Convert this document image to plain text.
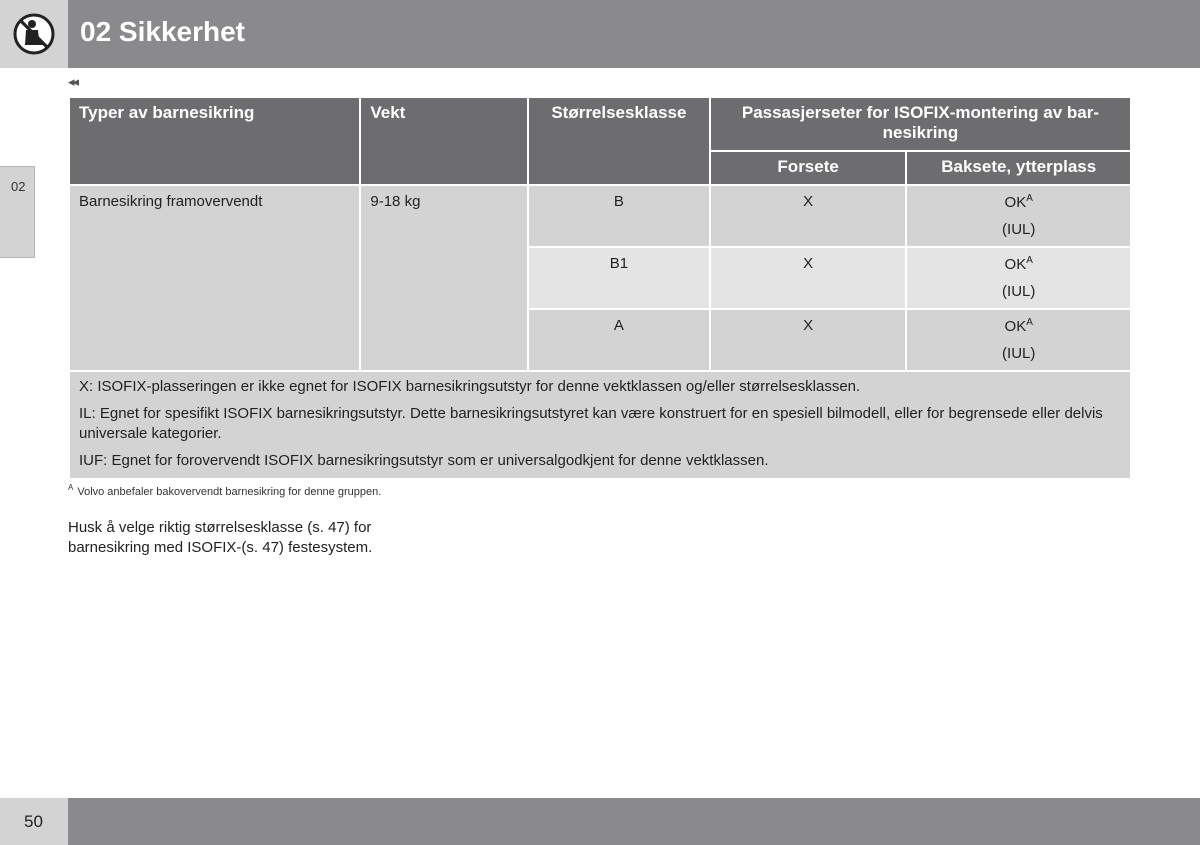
02 Sikkerhet
◂◂
02
Typer av barnesikring	Vekt	Størrelsesklasse	Passasjerseter for ISOFIX-montering av bar-nesikring	
			Forsete	Baksete, ytterplass
Barnesikring framovervendt	9-18 kg	B	X	$OK^A$
(IUL)

		B1	X	$OK^A$
(IUL)

		A	X	$OK^A$
(IUL)

X: ISOFIX-plasseringen er ikke egnet for ISOFIX barnesikringsutstyr for denne vektklassen og/eller størrelsesklassen.
IL: Egnet for spesifikt ISOFIX barnesikringsutstyr. Dette barnesikringsutstyret kan være konstruert for en spesiell bilmodell, eller for begrensede eller delvis universale kategorier.
IUF: Egnet for forovervendt ISOFIX barnesikringsutstyr som er universalgodkjent for denne vektklassen.				
$^A$ Volvo anbefaler bakovervendt barnesikring for denne gruppen.
Husk å velge riktig størrelsesklasse (s. 47) for barnesikring med ISOFIX-(s. 47) festesystem.
50
